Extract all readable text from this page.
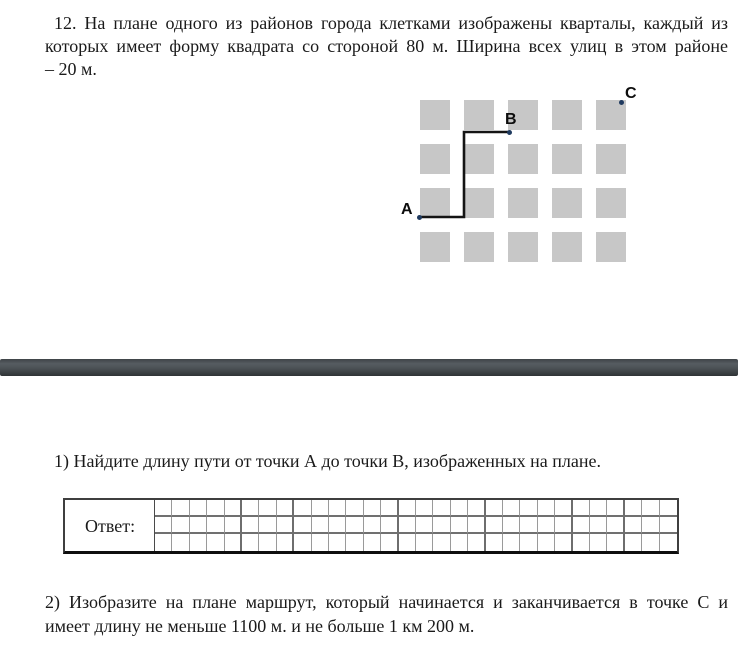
12. На плане одного из районов города клетками изображены кварталы, каждый из
которых имеет форму квадрата со стороной 80 м. Ширина всех улиц в этом районе
– 20 м.
А
В
С
1) Найдите длину пути от точки А до точки В, изображенных на плане.
Ответ:
2) Изобразите на плане маршрут, который начинается и заканчивается в точке С и
имеет длину не меньше 1100 м. и не больше 1 км 200 м.
